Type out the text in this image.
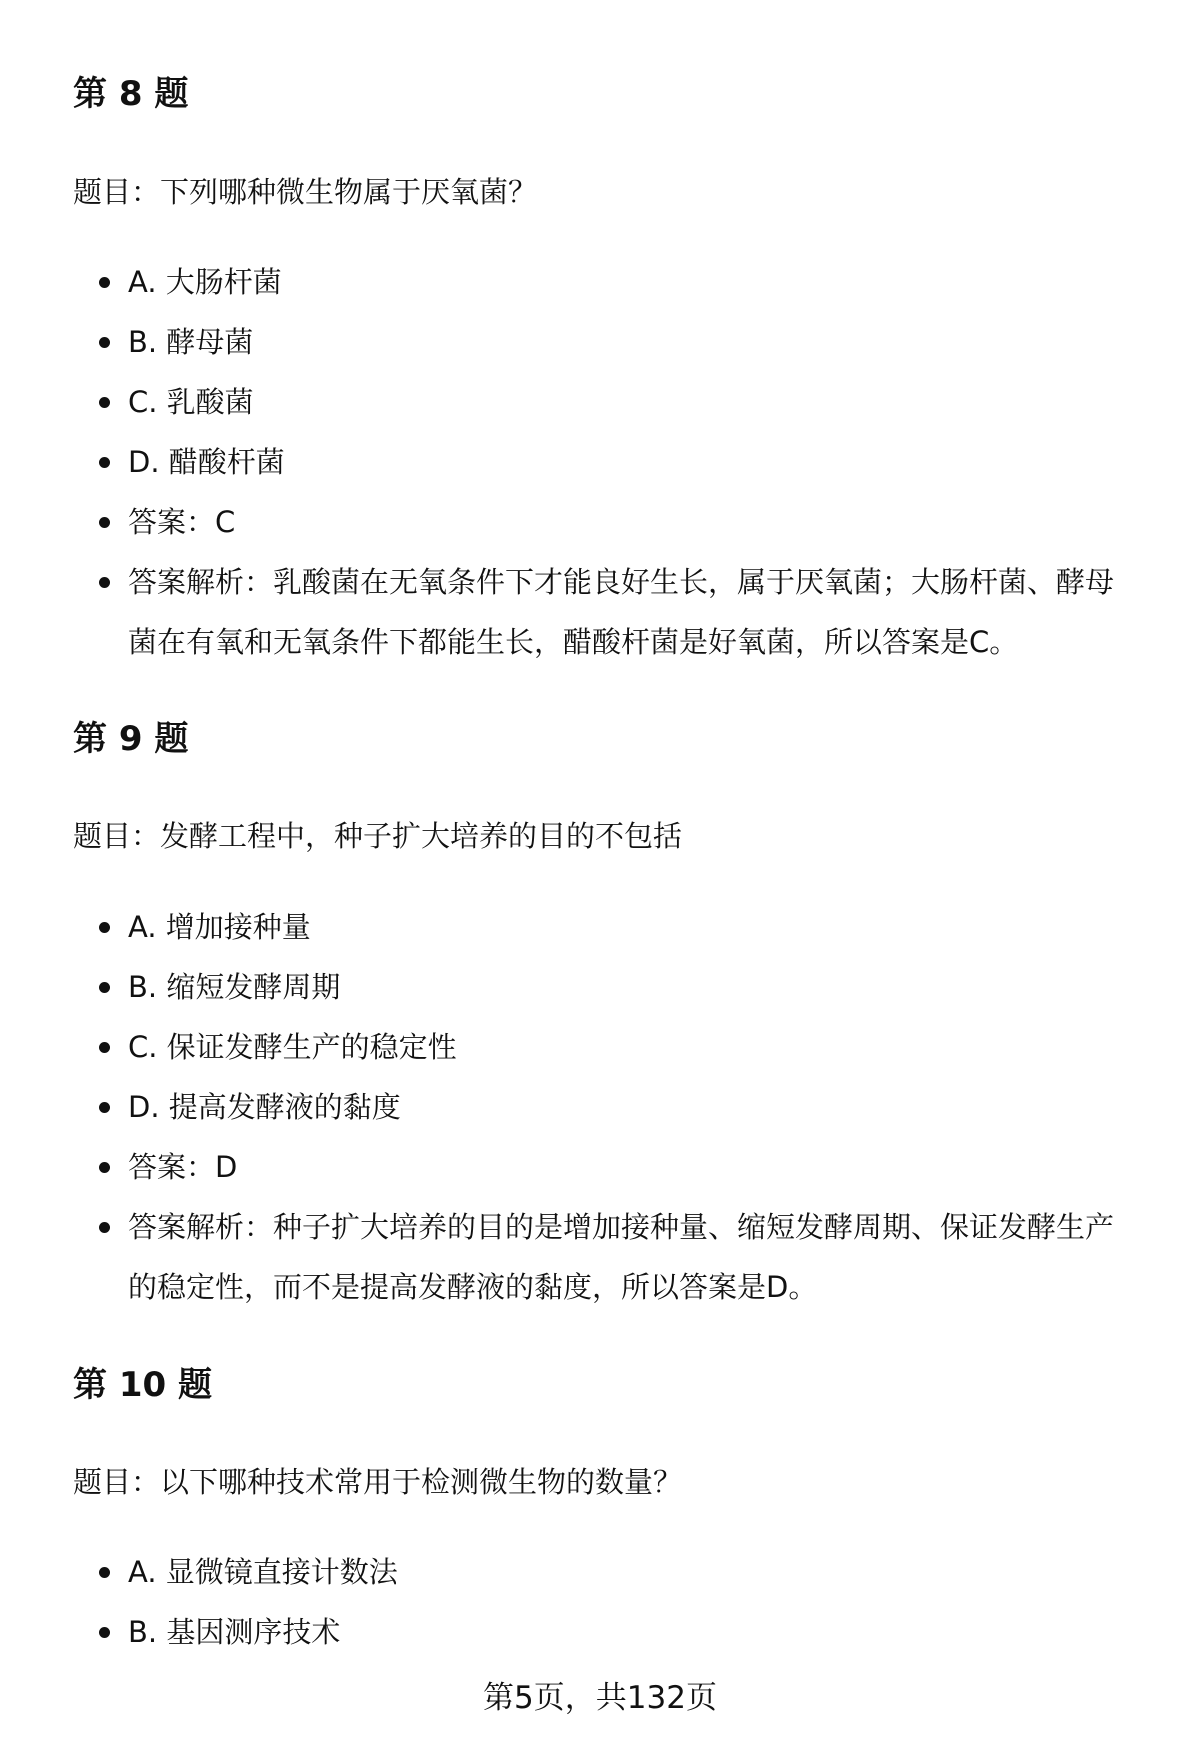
第 8 题

题目：下列哪种微生物属于厌氧菌？

A. 大肠杆菌
B. 酵母菌
C. 乳酸菌
D. 醋酸杆菌
答案：C
答案解析：乳酸菌在无氧条件下才能良好生长，属于厌氧菌；大肠杆菌、酵母菌在有氧和无氧条件下都能生长，醋酸杆菌是好氧菌，所以答案是C。
第 9 题

题目：发酵工程中，种子扩大培养的目的不包括

A. 增加接种量
B. 缩短发酵周期
C. 保证发酵生产的稳定性
D. 提高发酵液的黏度
答案：D
答案解析：种子扩大培养的目的是增加接种量、缩短发酵周期、保证发酵生产的稳定性，而不是提高发酵液的黏度，所以答案是D。
第 10 题

题目：以下哪种技术常用于检测微生物的数量？

A. 显微镜直接计数法
B. 基因测序技术
第5页，共132页
